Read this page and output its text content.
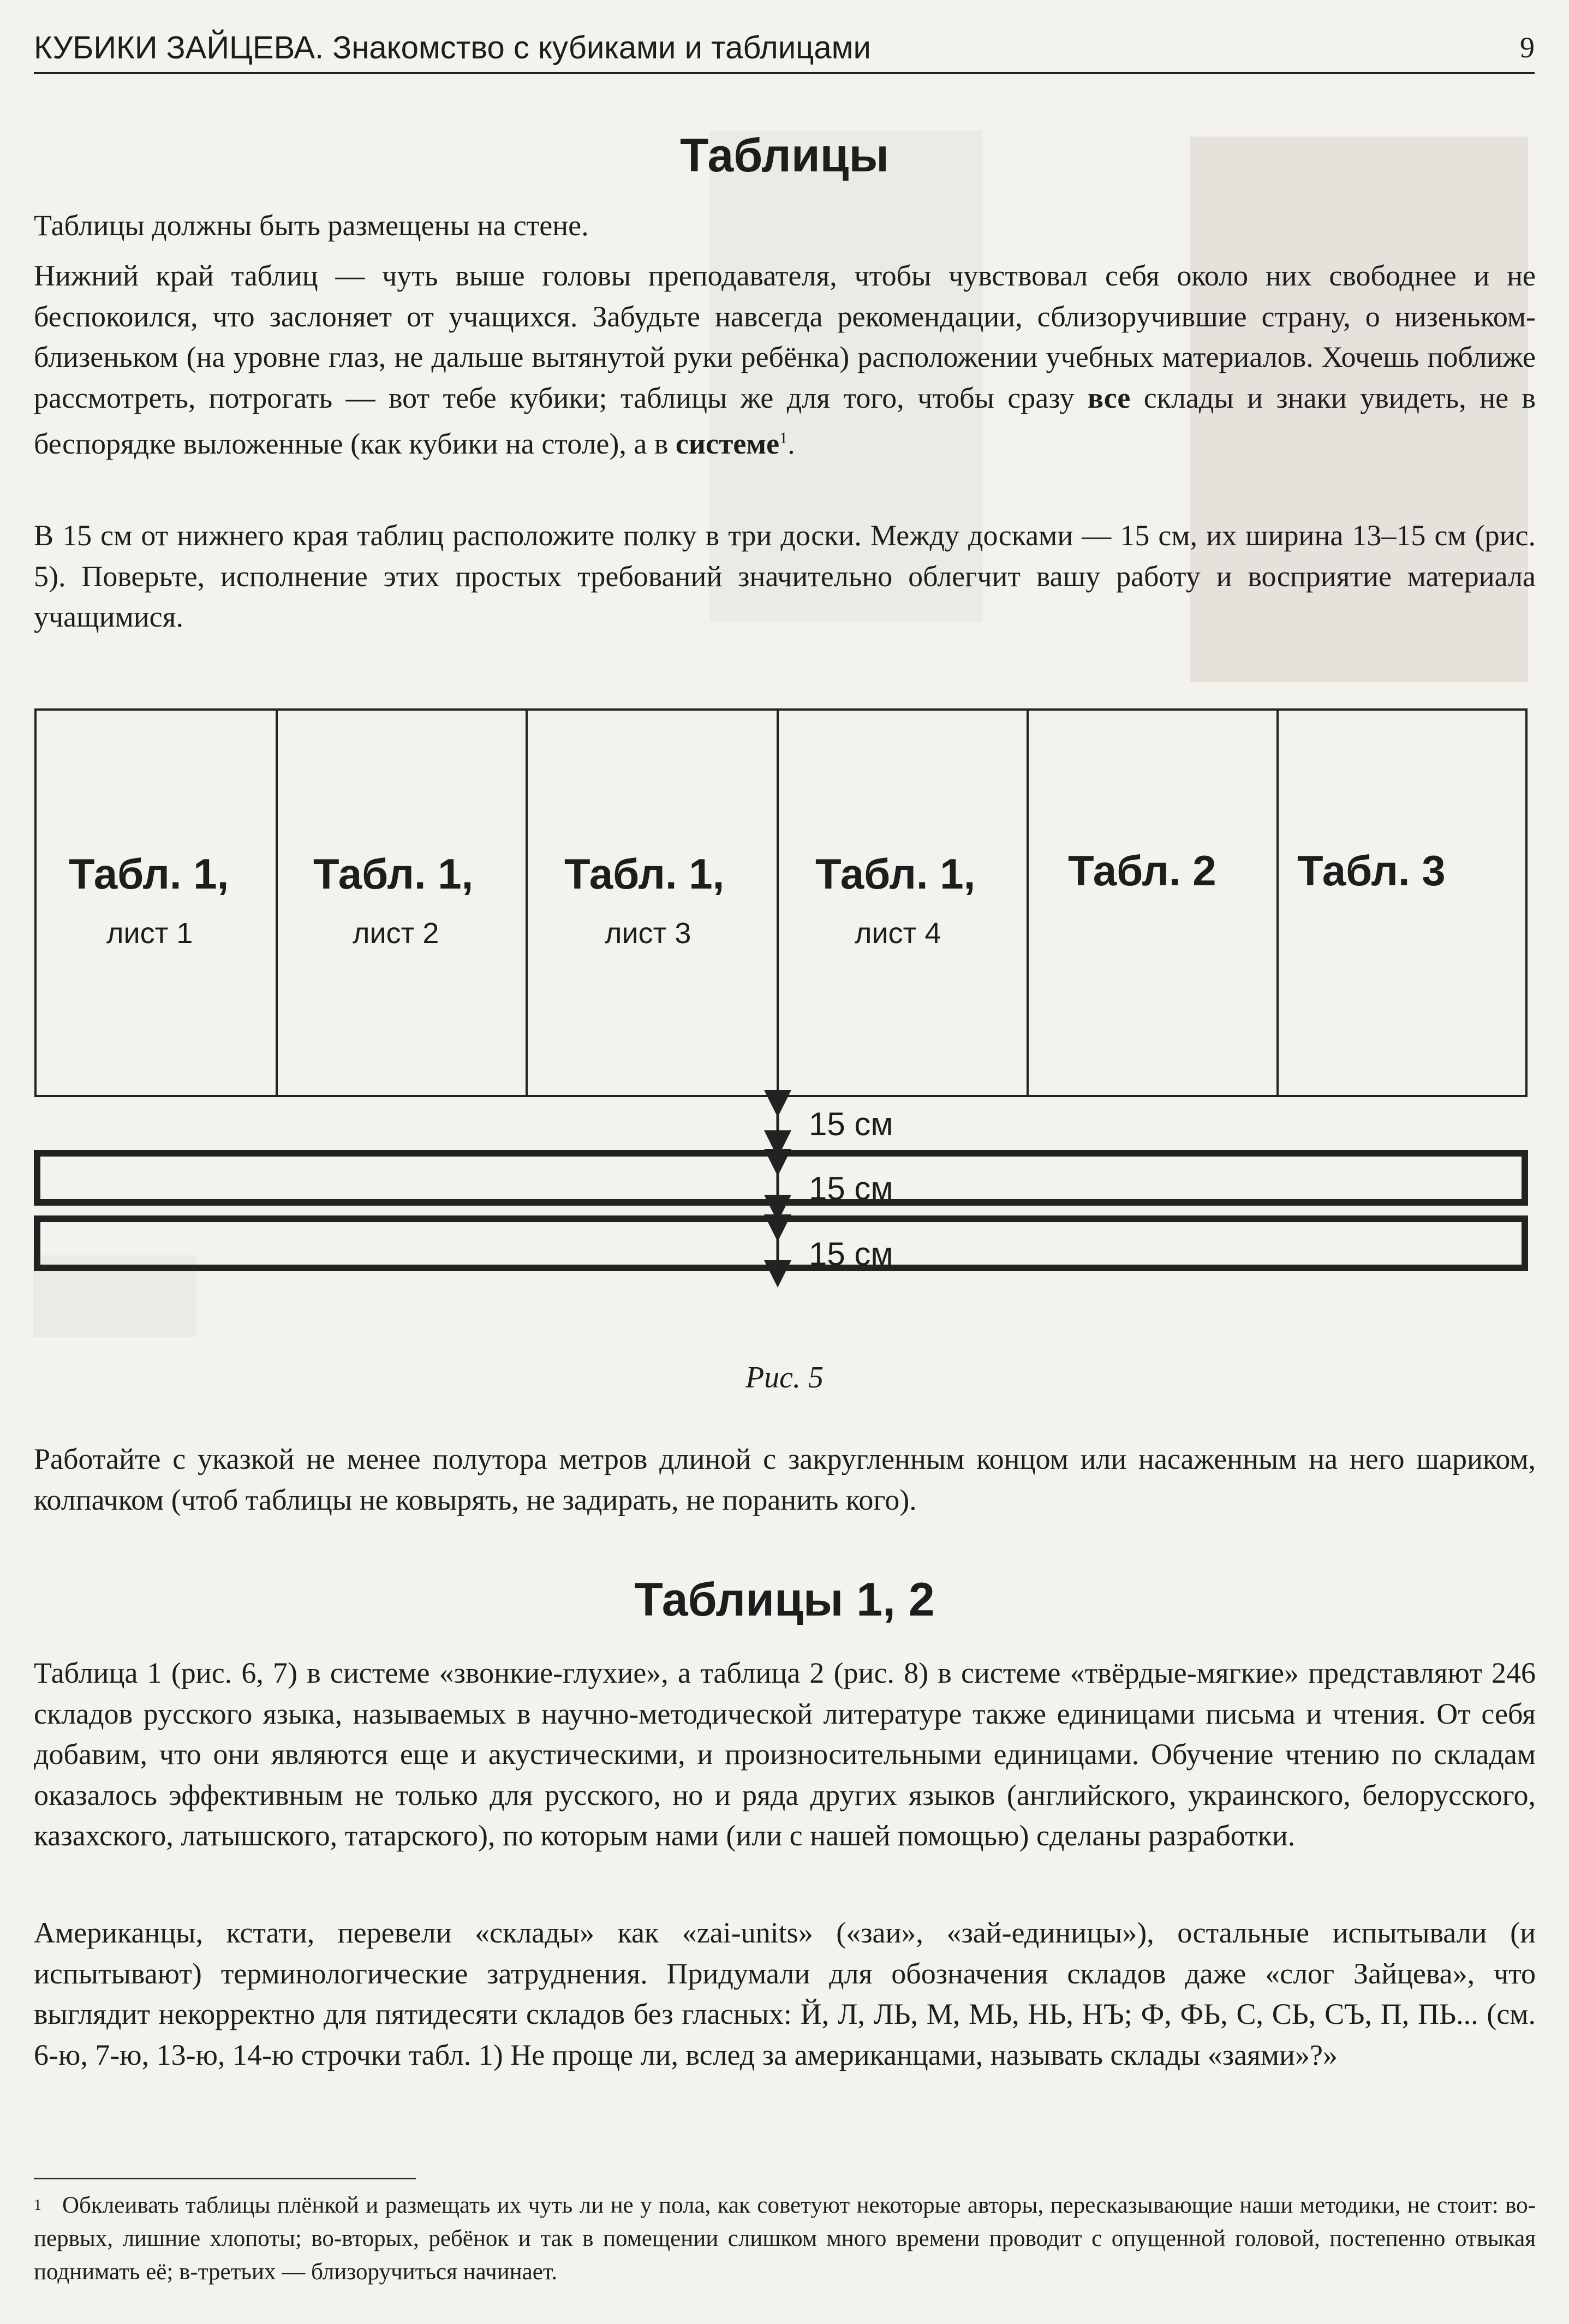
КУБИКИ ЗАЙЦЕВА. Знакомство с кубиками и таблицами	9
Таблицы

Таблицы должны быть размещены на стене.

Нижний край таблиц — чуть выше головы преподавателя, чтобы чувствовал себя около них свободнее и не беспокоился, что заслоняет от учащихся. Забудьте навсегда рекомендации, сблизоручившие страну, о низеньком-близеньком (на уровне глаз, не дальше вытянутой руки ребёнка) расположении учебных материалов. Хочешь поближе рассмотреть, потрогать — вот тебе кубики; таблицы же для того, чтобы сразу все склады и знаки увидеть, не в беспорядке выложенные (как кубики на столе), а в системе$^1$.

В 15 см от нижнего края таблиц расположите полку в три доски. Между досками — 15 см, их ширина 13–15 см (рис. 5). Поверьте, исполнение этих простых требований значительно облегчит вашу работу и восприятие материала учащимися.

Табл. 1,
лист 1
Табл. 1,
лист 2
Табл. 1,
лист 3
Табл. 1,
лист 4
Табл. 2 Табл. 3
15 см
15 см
15 см
Рис. 5

Работайте с указкой не менее полутора метров длиной с закругленным концом или насаженным на него шариком, колпачком (чтоб таблицы не ковырять, не задирать, не поранить кого).

Таблицы 1, 2

Таблица 1 (рис. 6, 7) в системе «звонкие-глухие», а таблица 2 (рис. 8) в системе «твёрдые-мягкие» представляют 246 складов русского языка, называемых в научно-методической литературе также единицами письма и чтения. От себя добавим, что они являются еще и акустическими, и произносительными единицами. Обучение чтению по складам оказалось эффективным не только для русского, но и ряда других языков (английского, украинского, белорусского, казахского, латышского, татарского), по которым нами (или с нашей помощью) сделаны разработки.

Американцы, кстати, перевели «склады» как «zai-units» («заи», «зай-единицы»), остальные испытывали (и испытывают) терминологические затруднения. Придумали для обозначения складов даже «слог Зайцева», что выглядит некорректно для пятидесяти складов без гласных: Й, Л, ЛЬ, М, МЬ, НЬ, НЪ; Ф, ФЬ, С, СЬ, СЪ, П, ПЬ... (см. 6-ю, 7-ю, 13-ю, 14-ю строчки табл. 1) Не проще ли, вслед за американцами, называть склады «заями»?»

$^1$ Обклеивать таблицы плёнкой и размещать их чуть ли не у пола, как советуют некоторые авторы, пересказывающие наши методики, не стоит: во-первых, лишние хлопоты; во-вторых, ребёнок и так в помещении слишком много времени проводит с опущенной головой, постепенно отвыкая поднимать её; в-третьих — близоручиться начинает.
